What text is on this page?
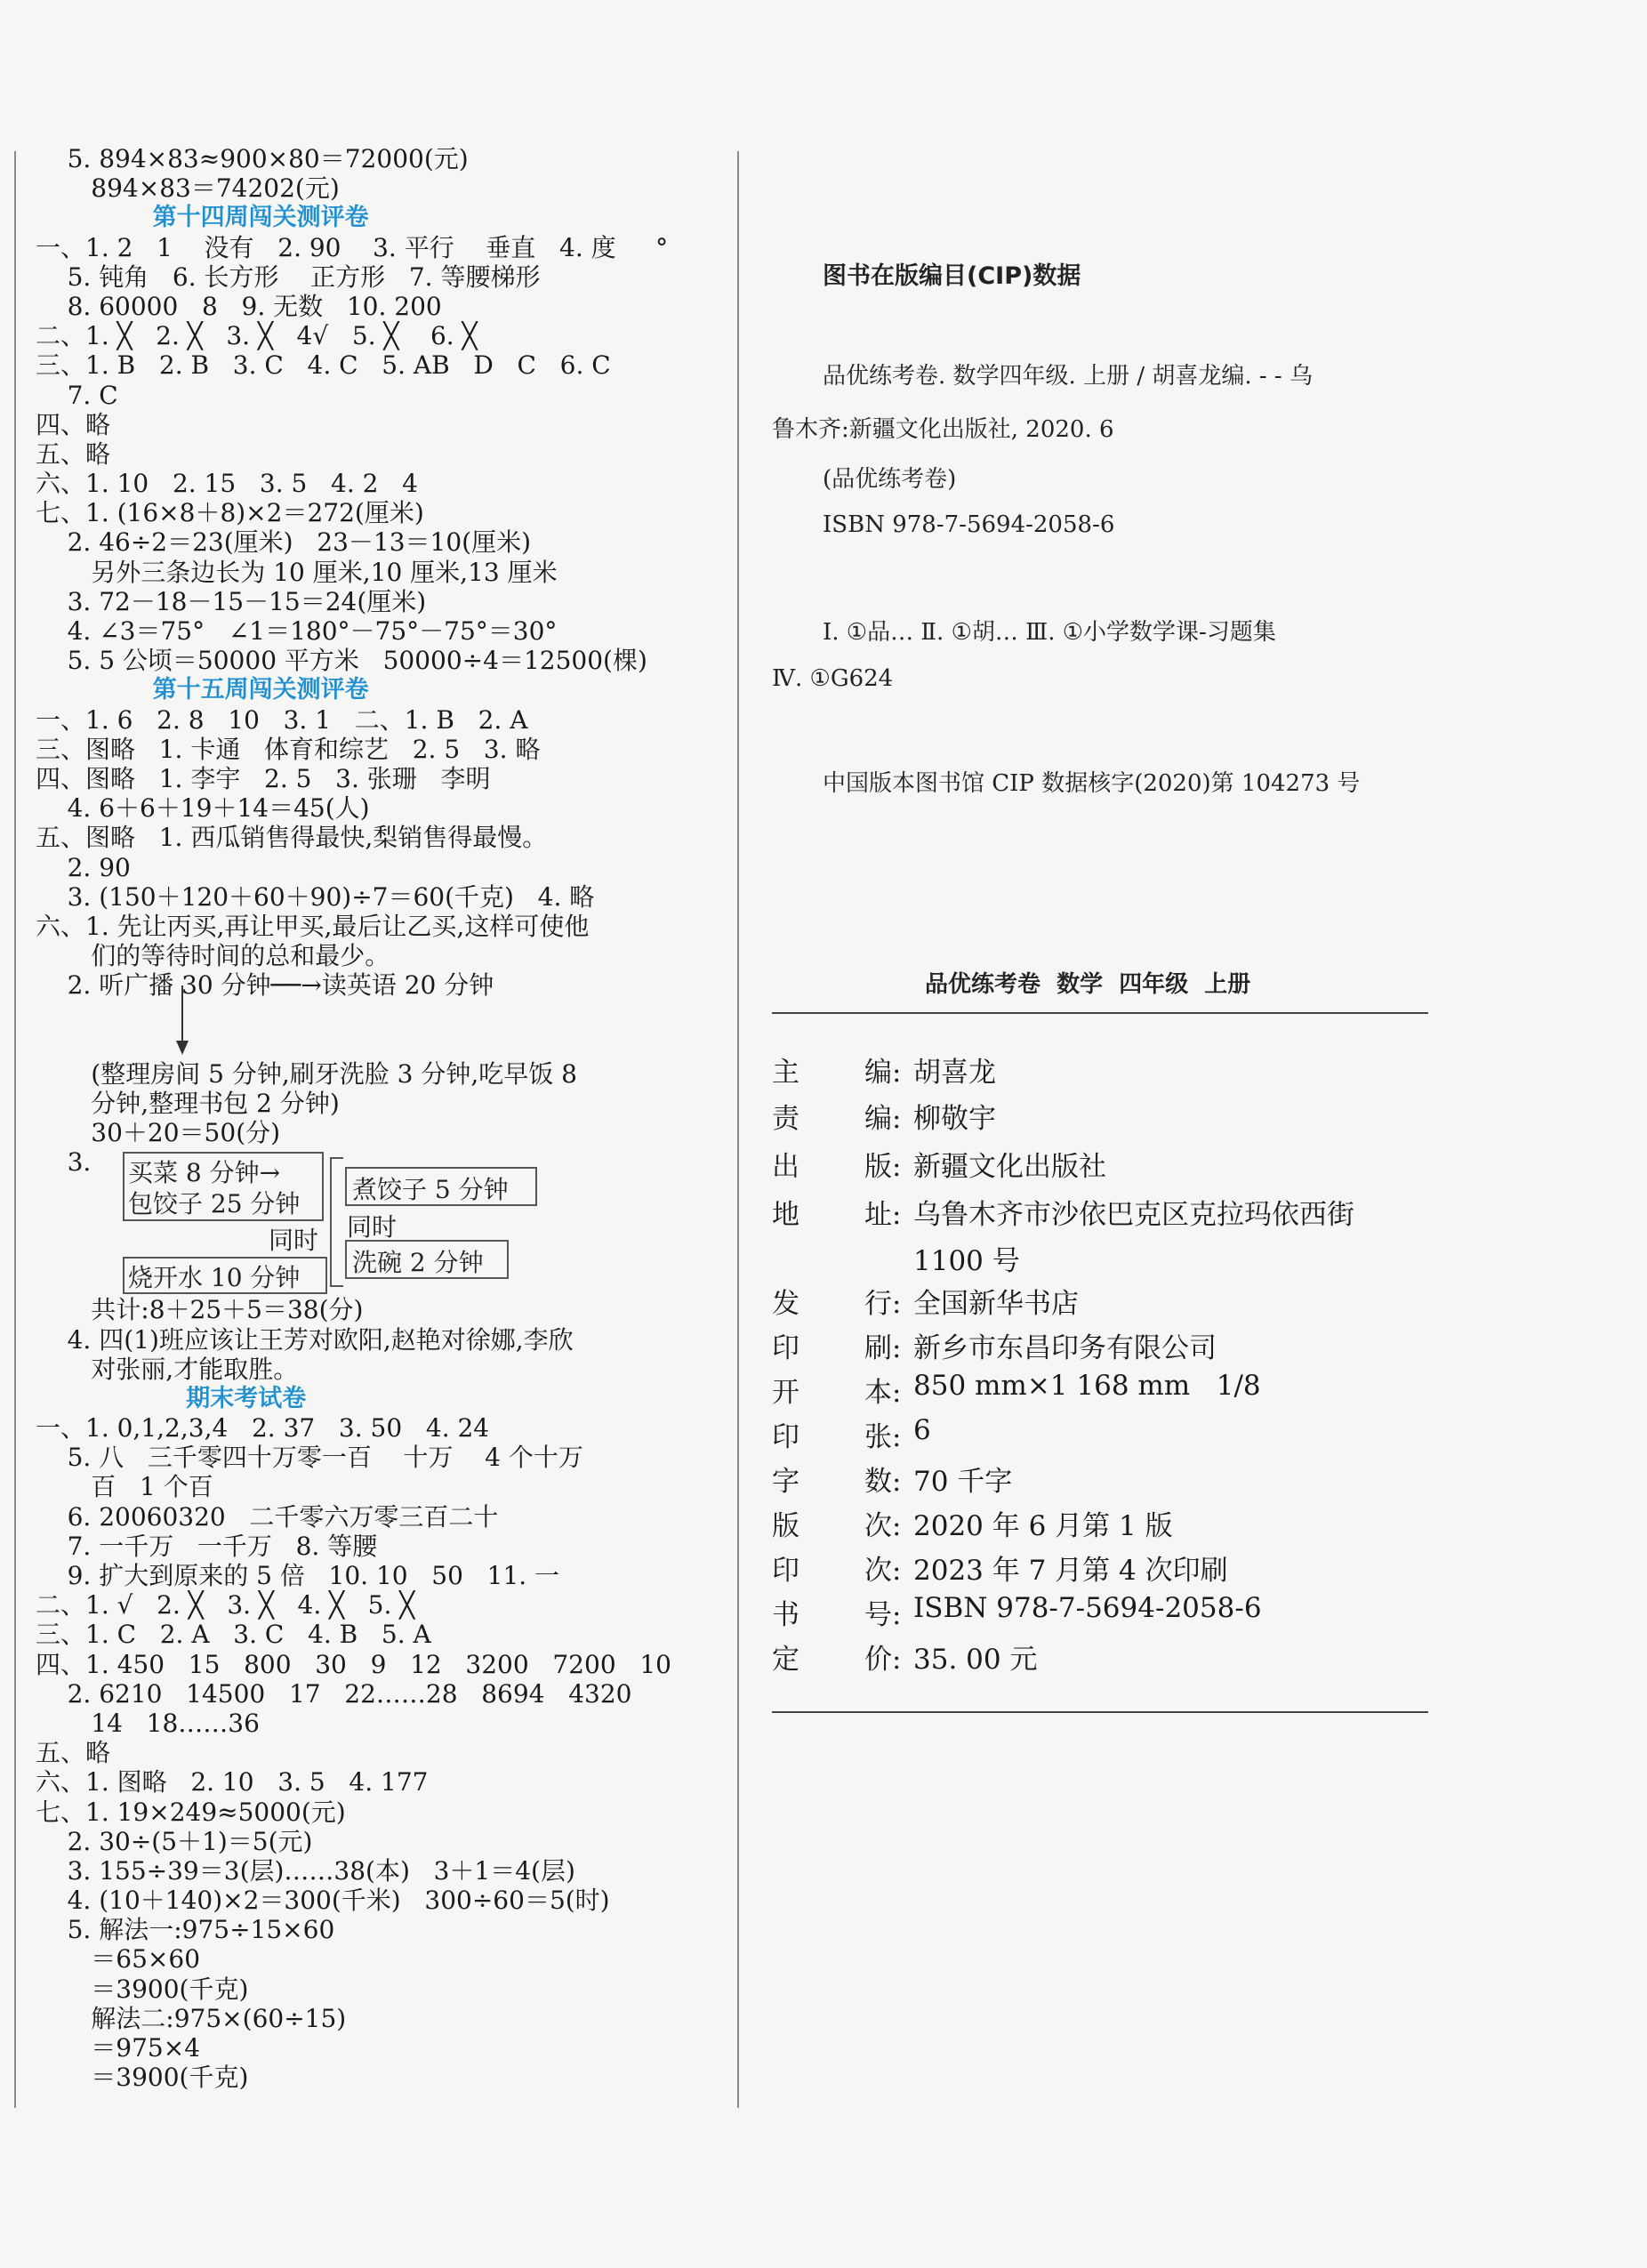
5. 894×83≈900×80＝72000(元)
894×83＝74202(元)
第十四周闯关测评卷
一、1. 2   1    没有   2. 90    3. 平行    垂直   4. 度     °
5. 钝角   6. 长方形    正方形   7. 等腰梯形
8. 60000   8   9. 无数   10. 200
二、1. ╳   2. ╳   3. ╳   4√   5. ╳    6. ╳
三、1. B   2. B   3. C   4. C   5. AB   D   C   6. C
7. C
四、略
五、略
六、1. 10   2. 15   3. 5   4. 2   4
七、1. (16×8＋8)×2＝272(厘米)
2. 46÷2＝23(厘米)   23－13＝10(厘米)
另外三条边长为 10 厘米,10 厘米,13 厘米
3. 72－18－15－15＝24(厘米)
4. ∠3＝75°   ∠1＝180°－75°－75°＝30°
5. 5 公顷＝50000 平方米   50000÷4＝12500(棵)
第十五周闯关测评卷
一、1. 6   2. 8   10   3. 1   二、1. B   2. A
三、图略   1. 卡通   体育和综艺   2. 5   3. 略
四、图略   1. 李宇   2. 5   3. 张珊   李明
4. 6＋6＋19＋14＝45(人)
五、图略   1. 西瓜销售得最快,梨销售得最慢。
2. 90
3. (150＋120＋60＋90)÷7＝60(千克)   4. 略
六、1. 先让丙买,再让甲买,最后让乙买,这样可使他
们的等待时间的总和最少。
2. 听广播 30 分钟──→读英语 20 分钟
(整理房间 5 分钟,刷牙洗脸 3 分钟,吃早饭 8
分钟,整理书包 2 分钟)
30＋20＝50(分)
3.
共计:8＋25＋5＝38(分)
4. 四(1)班应该让王芳对欧阳,赵艳对徐娜,李欣
对张丽,才能取胜。
期末考试卷
一、1. 0,1,2,3,4   2. 37   3. 50   4. 24
5. 八   三千零四十万零一百    十万    4 个十万
百   1 个百
6. 20060320   二千零六万零三百二十
7. 一千万   一千万   8. 等腰
9. 扩大到原来的 5 倍   10. 10   50   11. 一
二、1. √   2. ╳   3. ╳   4. ╳   5. ╳
三、1. C   2. A   3. C   4. B   5. A
四、1. 450   15   800   30   9   12   3200   7200   10
2. 6210   14500   17   22……28   8694   4320
14   18……36
五、略
六、1. 图略   2. 10   3. 5   4. 177
七、1. 19×249≈5000(元)
2. 30÷(5＋1)＝5(元)
3. 155÷39＝3(层)……38(本)   3＋1＝4(层)
4. (10＋140)×2＝300(千米)   300÷60＝5(时)
5. 解法一:975÷15×60
＝65×60
＝3900(千克)
解法二:975×(60÷15)
＝975×4
＝3900(千克)
买菜 8 分钟→
包饺子 25 分钟
同时
烧开水 10 分钟
煮饺子 5 分钟
同时
洗碗 2 分钟
图书在版编目(CIP)数据
品优练考卷. 数学四年级. 上册 / 胡喜龙编. - - 乌
鲁木齐:新疆文化出版社, 2020. 6
(品优练考卷)
ISBN 978-7-5694-2058-6
Ⅰ. ①品… Ⅱ. ①胡… Ⅲ. ①小学数学课-习题集
Ⅳ. ①G624
中国版本图书馆 CIP 数据核字(2020)第 104273 号
品优练考卷  数学  四年级  上册
主 编: 胡喜龙
责 编: 柳敬宇
出 版: 新疆文化出版社
地 址: 乌鲁木齐市沙依巴克区克拉玛依西街
1100 号
发 行: 全国新华书店
印 刷: 新乡市东昌印务有限公司
开 本: 850 mm×1 168 mm   1/8
印 张: 6
字 数: 70 千字
版 次: 2020 年 6 月第 1 版
印 次: 2023 年 7 月第 4 次印刷
书 号: ISBN 978-7-5694-2058-6
定 价: 35. 00 元
